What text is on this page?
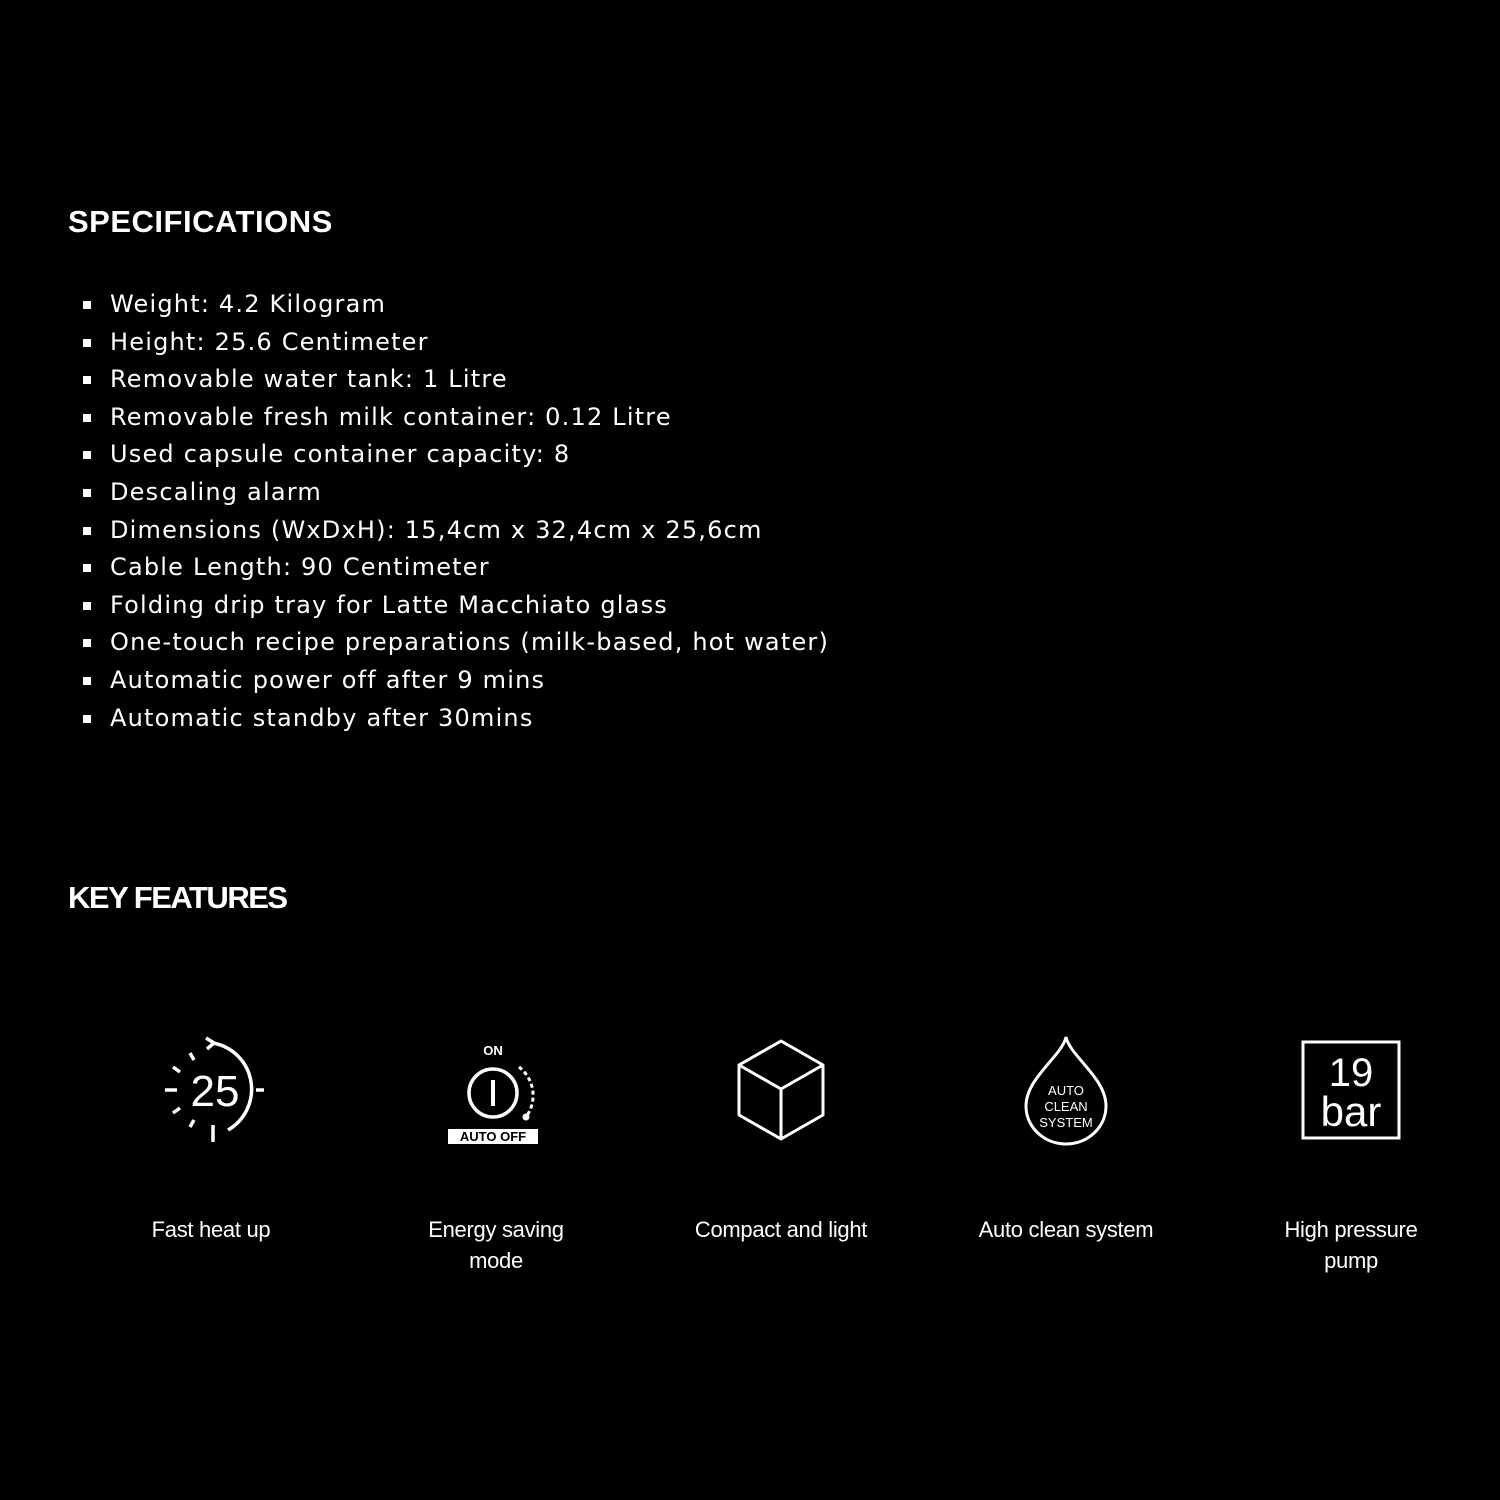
SPECIFICATIONS
Weight: 4.2 Kilogram
Height: 25.6 Centimeter
Removable water tank: 1 Litre
Removable fresh milk container: 0.12 Litre
Used capsule container capacity: 8
Descaling alarm
Dimensions (WxDxH): 15,4cm x 32,4cm x 25,6cm
Cable Length: 90 Centimeter
Folding drip tray for Latte Macchiato glass
One-touch recipe preparations (milk-based, hot water)
Automatic power off after 9 mins
Automatic standby after 30mins
KEY FEATURES
25
Fast heat up
ON
AUTO OFF
Energy saving mode
Compact and light
AUTO
CLEAN
SYSTEM
Auto clean system
19
bar
High pressure pump
